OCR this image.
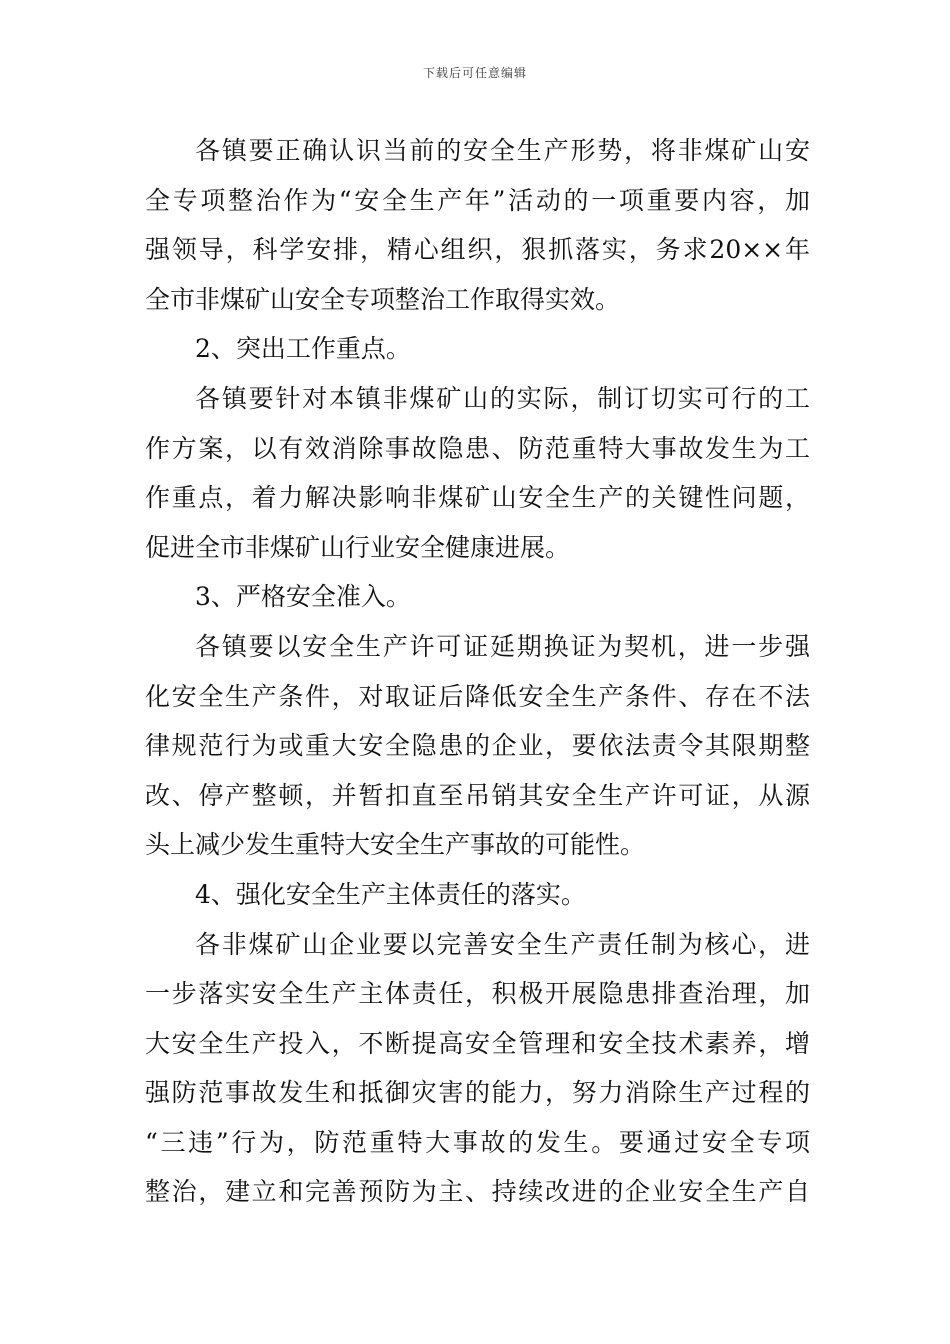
下载后可任意编辑
各镇要正确认识当前的安全生产形势，将非煤矿山安
全专项整治作为“安全生产年”活动的一项重要内容，加
强领导，科学安排，精心组织，狠抓落实，务求20××年
全市非煤矿山安全专项整治工作取得实效。
2、突出工作重点。
各镇要针对本镇非煤矿山的实际，制订切实可行的工
作方案，以有效消除事故隐患、防范重特大事故发生为工
作重点，着力解决影响非煤矿山安全生产的关键性问题，
促进全市非煤矿山行业安全健康进展。
3、严格安全准入。
各镇要以安全生产许可证延期换证为契机，进一步强
化安全生产条件，对取证后降低安全生产条件、存在不法
律规范行为或重大安全隐患的企业，要依法责令其限期整
改、停产整顿，并暂扣直至吊销其安全生产许可证，从源
头上减少发生重特大安全生产事故的可能性。
4、强化安全生产主体责任的落实。
各非煤矿山企业要以完善安全生产责任制为核心，进
一步落实安全生产主体责任，积极开展隐患排查治理，加
大安全生产投入，不断提高安全管理和安全技术素养，增
强防范事故发生和抵御灾害的能力，努力消除生产过程的
“三违”行为，防范重特大事故的发生。要通过安全专项
整治，建立和完善预防为主、持续改进的企业安全生产自
